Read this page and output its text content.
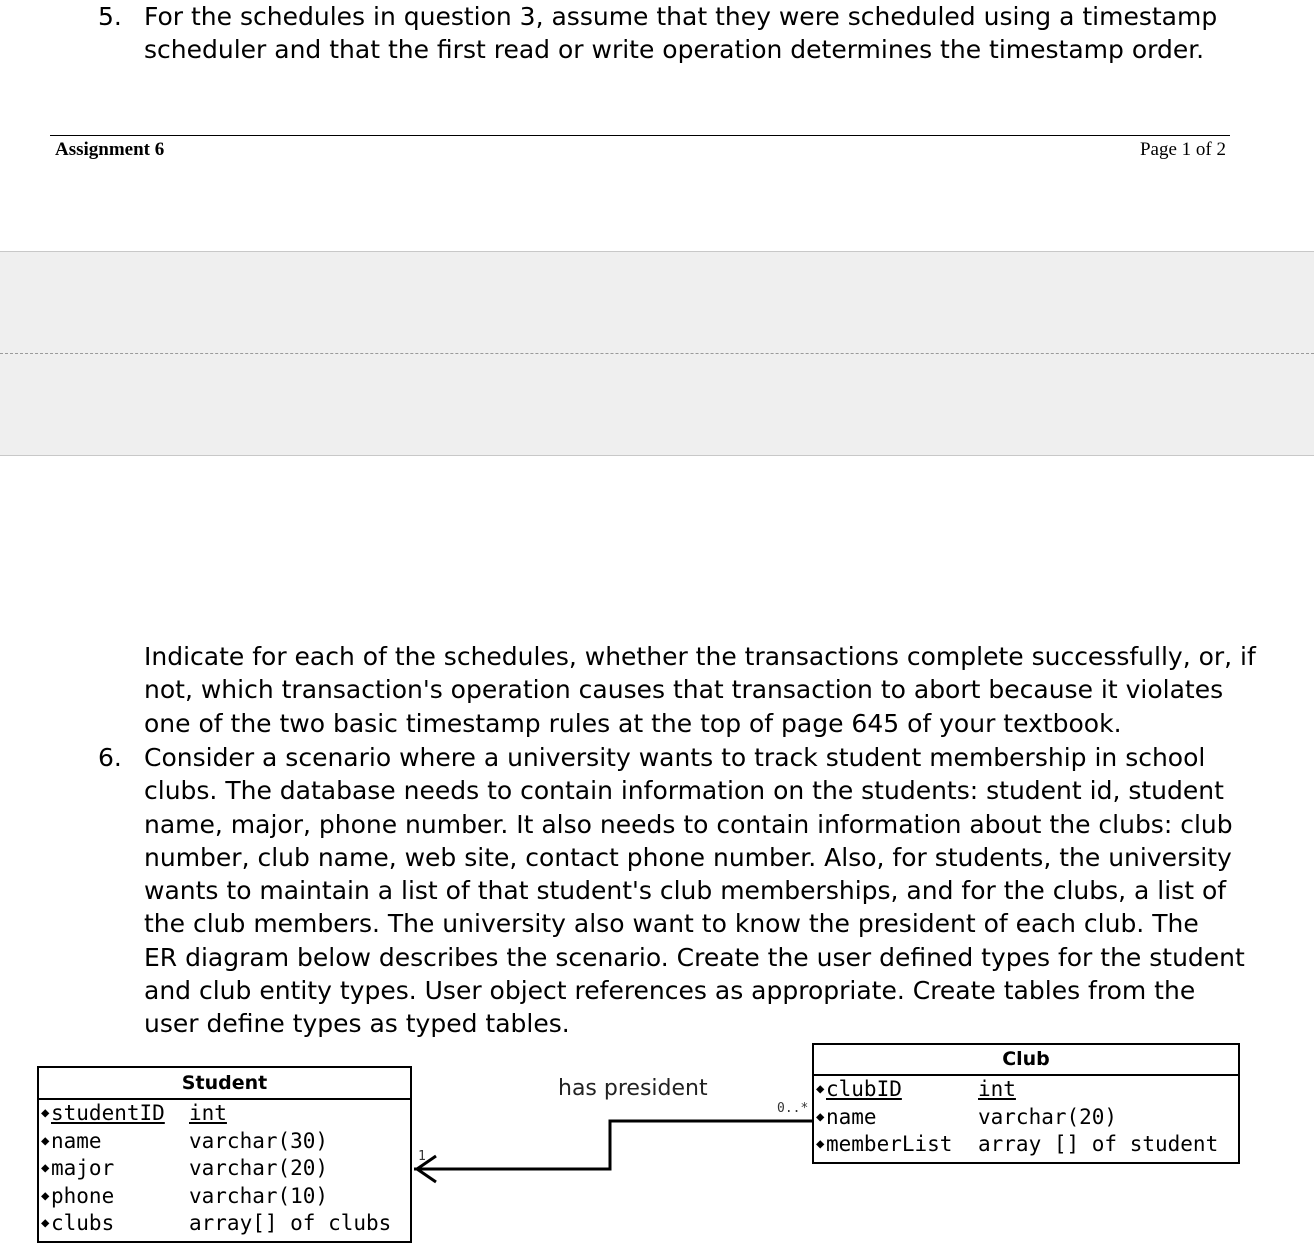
5. For the schedules in question 3, assume that they were scheduled using a timestamp
scheduler and that the first read or write operation determines the timestamp order.
Assignment 6	Page 1 of 2
Indicate for each of the schedules, whether the transactions complete successfully, or, if
not, which transaction's operation causes that transaction to abort because it violates
one of the two basic timestamp rules at the top of page 645 of your textbook.
6. Consider a scenario where a university wants to track student membership in school
clubs. The database needs to contain information on the students: student id, student
name, major, phone number. It also needs to contain information about the clubs: club
number, club name, web site, contact phone number. Also, for students, the university
wants to maintain a list of that student's club memberships, and for the clubs, a list of
the club members. The university also want to know the president of each club. The
ER diagram below describes the scenario. Create the user defined types for the student
and club entity types. User object references as appropriate. Create tables from the
user define types as typed tables.
has president
0..*
1
Student
◆ studentID int
◆ name	varchar(30)
◆ major	varchar(20)
◆ phone	varchar(10)
◆ clubs	array[] of clubs
Club
◆ clubID	int
◆ name	varchar(20)
◆ memberList array [] of student
